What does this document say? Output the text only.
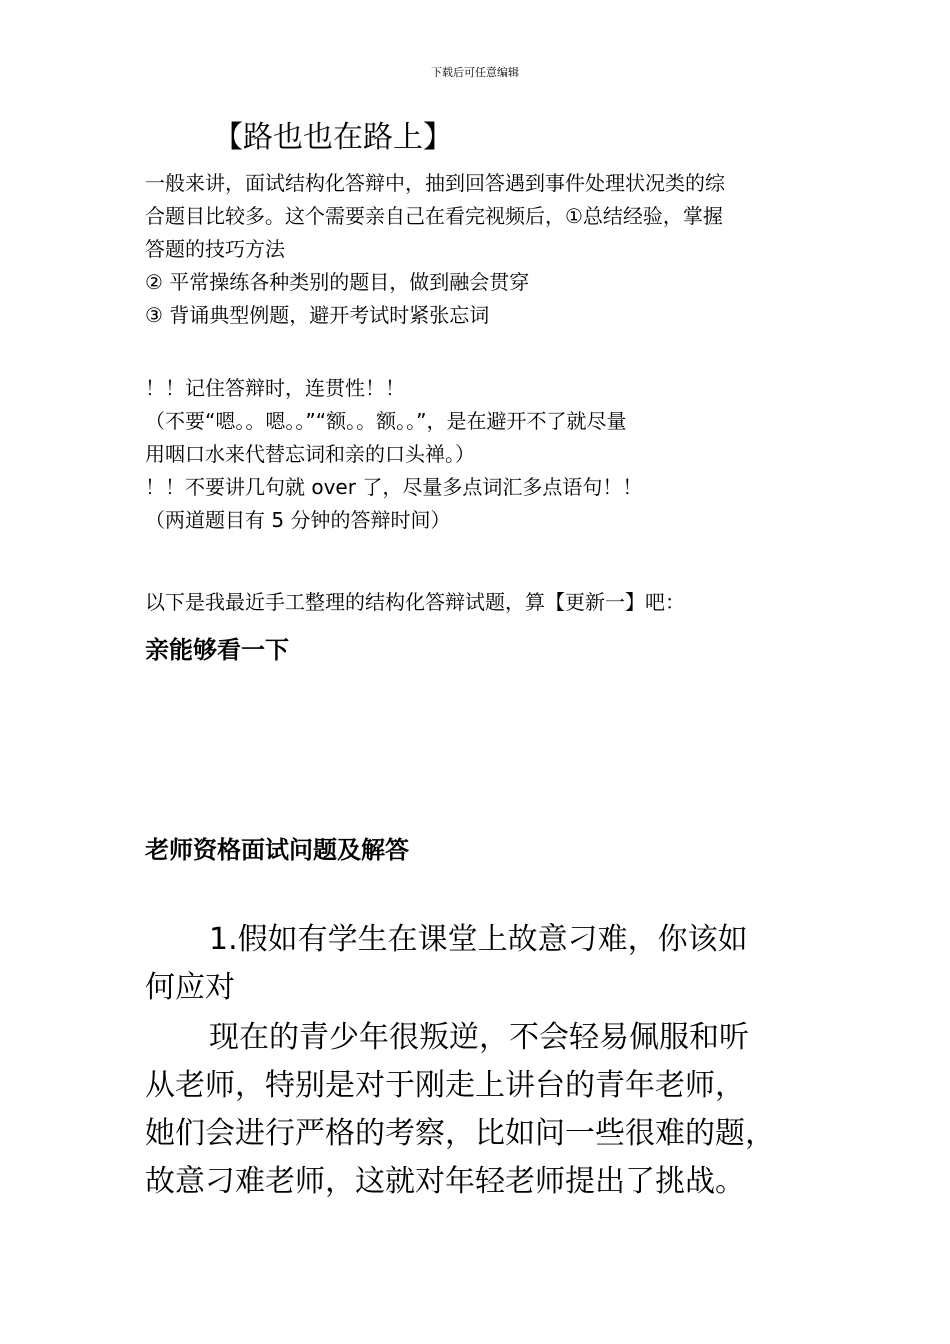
下载后可任意编辑
【路也也在路上】
一般来讲，面试结构化答辩中，抽到回答遇到事件处理状况类的综
合题目比较多。这个需要亲自己在看完视频后，①总结经验，掌握
答题的技巧方法
② 平常操练各种类别的题目，做到融会贯穿
③ 背诵典型例题，避开考试时紧张忘词
！！记住答辩时，连贯性！！
（不要“嗯。。嗯。。”“额。。额。。”，是在避开不了就尽量
用咽口水来代替忘词和亲的口头禅。）
！！不要讲几句就 over 了，尽量多点词汇多点语句！！
（两道题目有 5 分钟的答辩时间）
以下是我最近手工整理的结构化答辩试题，算【更新一】吧：
亲能够看一下
老师资格面试问题及解答
1.假如有学生在课堂上故意刁难，你该如
何应对
现在的青少年很叛逆，不会轻易佩服和听
从老师，特别是对于刚走上讲台的青年老师，
她们会进行严格的考察，比如问一些很难的题，
故意刁难老师，这就对年轻老师提出了挑战。
